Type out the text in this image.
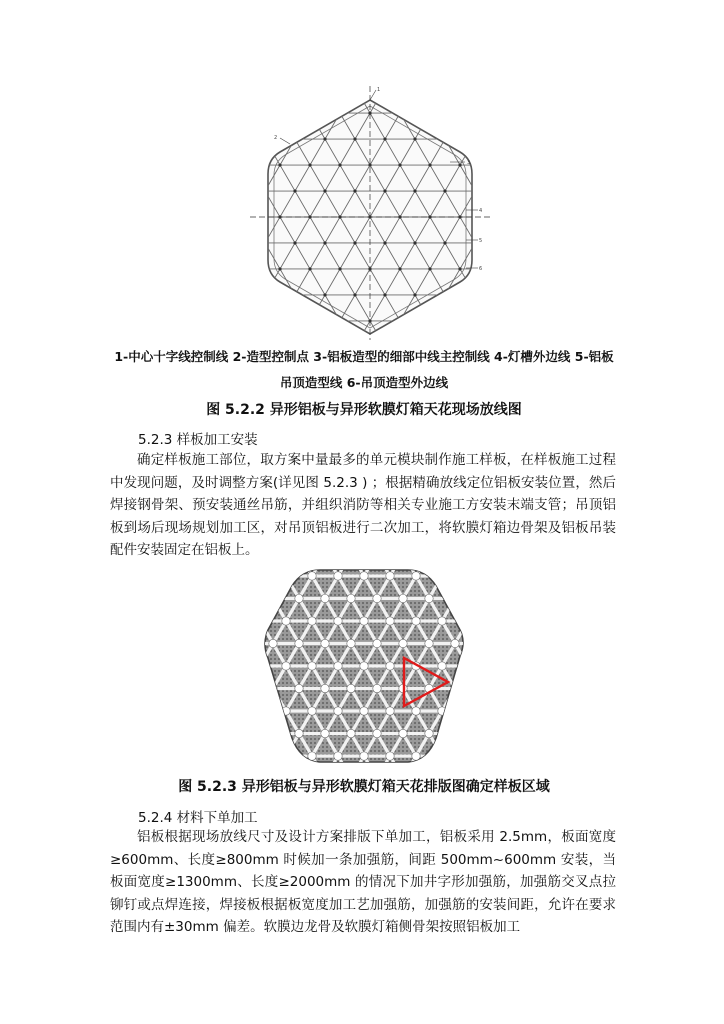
1
2
3
4
5
6
1-中心十字线控制线 2-造型控制点 3-铝板造型的细部中线主控制线 4-灯槽外边线 5-铝板
吊顶造型线 6-吊顶造型外边线
图 5.2.2 异形铝板与异形软膜灯箱天花现场放线图
5.2.3 样板加工安装
确定样板施工部位，取方案中量最多的单元模块制作施工样板，在样板施工过程中发现问题，及时调整方案(详见图 5.2.3 ) ；根据精确放线定位铝板安装位置，然后焊接钢骨架、预安装通丝吊筋，并组织消防等相关专业施工方安装末端支管；吊顶铝板到场后现场规划加工区，对吊顶铝板进行二次加工，将软膜灯箱边骨架及铝板吊装配件安装固定在铝板上。
图 5.2.3 异形铝板与异形软膜灯箱天花排版图确定样板区域
5.2.4 材料下单加工
铝板根据现场放线尺寸及设计方案排版下单加工，铝板采用 2.5mm，板面宽度≥600mm、长度≥800mm 时候加一条加强筋，间距 500mm~600mm 安装，当板面宽度≥1300mm、长度≥2000mm 的情况下加井字形加强筋，加强筋交叉点拉铆钉或点焊连接，焊接板根据板宽度加工艺加强筋，加强筋的安装间距，允许在要求范围内有±30mm 偏差。软膜边龙骨及软膜灯箱侧骨架按照铝板加工
